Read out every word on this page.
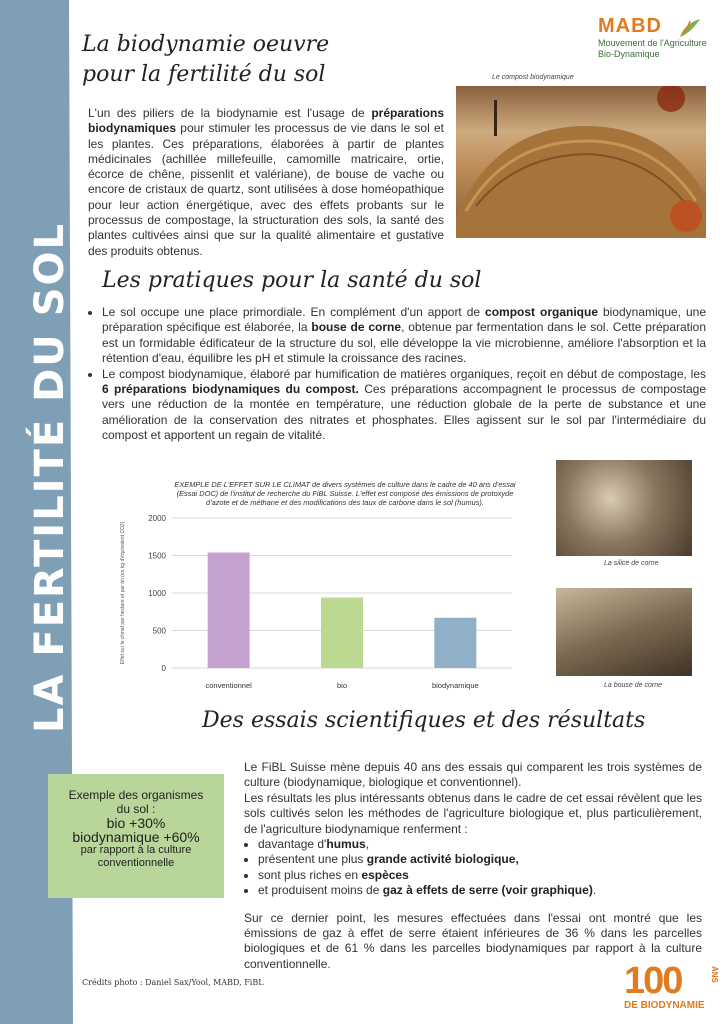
LA FERTILITÉ DU SOL
La biodynamie oeuvre
pour la fertilité du sol
MABD
Mouvement de l'Agriculture
Bio-Dynamique
Le compost biodynamique
L'un des piliers de la biodynamie est l'usage de préparations biodynamiques pour stimuler les processus de vie dans le sol et les plantes. Ces préparations, élaborées à partir de plantes médicinales (achillée millefeuille, camomille matricaire, ortie, écorce de chêne, pissenlit et valériane), de bouse de vache ou encore de cristaux de quartz, sont utilisées à dose homéopathique pour leur action énergétique, avec des effets probants sur le processus de compostage, la structuration des sols, la santé des plantes cultivées ainsi que sur la qualité alimentaire et gustative des produits obtenus.
Les pratiques pour la santé du sol
• Le sol occupe une place primordiale. En complément d'un apport de compost organique biodynamique, une préparation spécifique est élaborée, la bouse de corne, obtenue par fermentation dans le sol. Cette préparation est un formidable édificateur de la structure du sol, elle développe la vie microbienne, améliore l'absorption et la rétention d'eau, équilibre les pH et stimule la croissance des racines.
• Le compost biodynamique, élaboré par humification de matières organiques, reçoit en début de compostage, les 6 préparations biodynamiques du compost. Ces préparations accompagnent le processus de compostage vers une réduction de la montée en température, une réduction globale de la perte de substance et une amélioration de la conservation des nitrates et phosphates. Elles agissent sur le sol par l'intermédiaire du compost et apportent un regain de vitalité.
EXEMPLE DE L'EFFET SUR LE CLIMAT de divers systèmes de culture dans le cadre de 40 ans d'essai (Essai DOC) de l'institut de recherche du FiBL Suisse. L'effet est composé des émissions de protoxyde d'azote et de méthane et des modifications des taux de carbone dans le sol (humus).
0
500
1000
1500
2000
Effet sur le climat par hectare et par an (en kg d'équivalent CO2)
conventionnel	bio	biodynamique
La silice de corne
La bouse de corne
Des essais scientifiques et des résultats
Exemple des organismes
du sol :
bio +30%
biodynamique +60%
par rapport à la culture
conventionnelle
Le FiBL Suisse mène depuis 40 ans des essais qui comparent les trois systèmes de culture (biodynamique, biologique et conventionnel).
Les résultats les plus intéressants obtenus dans le cadre de cet essai révèlent que les sols cultivés selon les méthodes de l'agriculture biologique et, plus particulièrement, de l'agriculture biodynamique renferment :
• davantage d'humus,
• présentent une plus grande activité biologique,
• sont plus riches en espèces
• et produisent moins de gaz à effets de serre (voir graphique).
Sur ce dernier point, les mesures effectuées dans l'essai ont montré que les émissions de gaz à effet de serre étaient inférieures de 36 % dans les parcelles biologiques et de 61 % dans les parcelles biodynamiques par rapport à la culture conventionnelle.
Crédits photo : Daniel Sax/Yool, MABD, FiBL	100	ANS
DE BIODYNAMIE
